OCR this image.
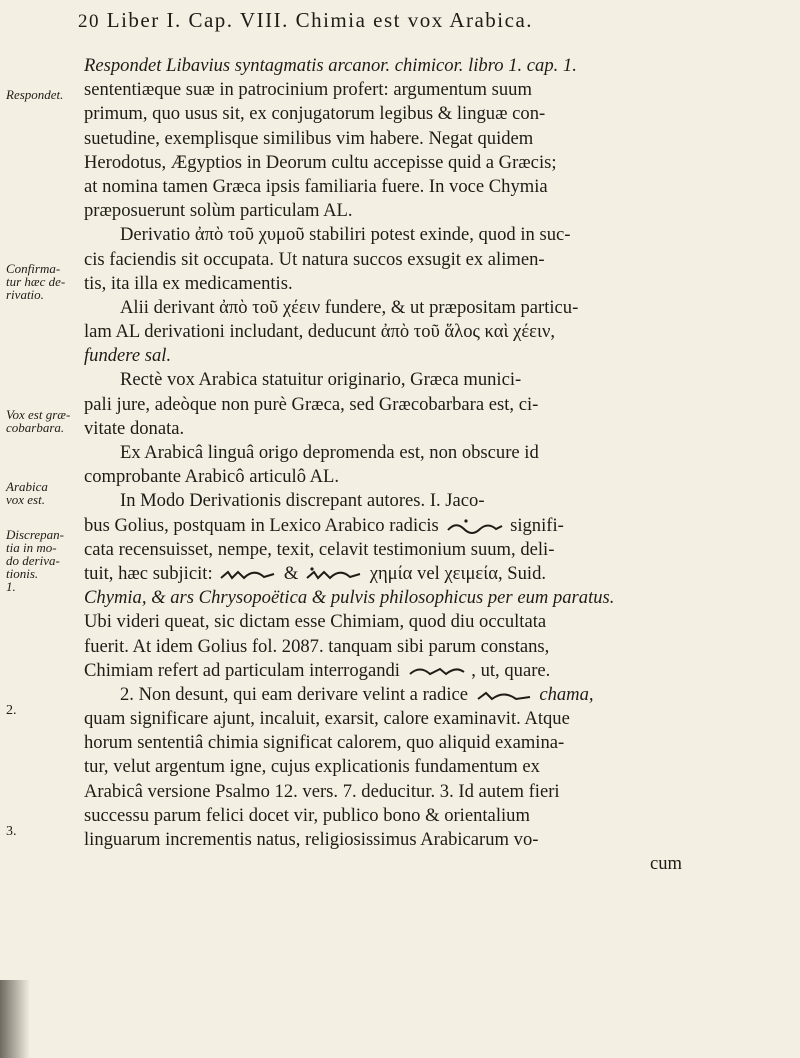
20 Liber I. Cap. VIII. Chimia est vox Arabica.
Respondet.
Confirma-
tur hæc de-
rivatio.
Vox est græ-
cobarbara.
Arabica
vox est.
Discrepan-
tia in mo-
do deriva-
tionis.
1.
2.
3.
Respondet Libavius syntagmatis arcanor. chimicor. libro 1. cap. 1.
sententiæque suæ in patrocinium profert: argumentum suum
primum, quo usus sit, ex conjugatorum legibus & linguæ con-
suetudine, exemplisque similibus vim habere. Negat quidem
Herodotus, Ægyptios in Deorum cultu accepisse quid a Græcis;
at nomina tamen Græca ipsis familiaria fuere. In voce Chymia
præposuerunt solùm particulam AL.
Derivatio ἀπὸ τοῦ χυμοῦ stabiliri potest exinde, quod in suc-
cis faciendis sit occupata. Ut natura succos exsugit ex alimen-
tis, ita illa ex medicamentis.
Alii derivant ἀπὸ τοῦ χέειν fundere, & ut præpositam particu-
lam AL derivationi includant, deducunt ἀπὸ τοῦ ἅλος καὶ χέειν,
fundere sal.
Rectè vox Arabica statuitur originario, Græca munici-
pali jure, adeòque non purè Græca, sed Græcobarbara est, ci-
vitate donata.
Ex Arabicâ linguâ origo depromenda est, non obscure id
comprobante Arabicô articulô AL.
In Modo Derivationis discrepant autores. I. Jaco-
bus Golius, postquam in Lexico Arabico radicis	signifi-
cata recensuisset, nempe, texit, celavit testimonium suum, deli-
tuit, hæc subjicit:	&	χημία vel χειμεία, Suid.
Chymia, & ars Chrysopoëtica & pulvis philosophicus per eum paratus.
Ubi videri queat, sic dictam esse Chimiam, quod diu occultata
fuerit. At idem Golius fol. 2087. tanquam sibi parum constans,
Chimiam refert ad particulam interrogandi	, ut, quare.
2. Non desunt, qui eam derivare velint a radice	chama,
quam significare ajunt, incaluit, exarsit, calore examinavit. Atque
horum sententiâ chimia significat calorem, quo aliquid examina-
tur, velut argentum igne, cujus explicationis fundamentum ex
Arabicâ versione Psalmo 12. vers. 7. deducitur. 3. Id autem fieri
successu parum felici docet vir, publico bono & orientalium
linguarum incrementis natus, religiosissimus Arabicarum vo-
cum
